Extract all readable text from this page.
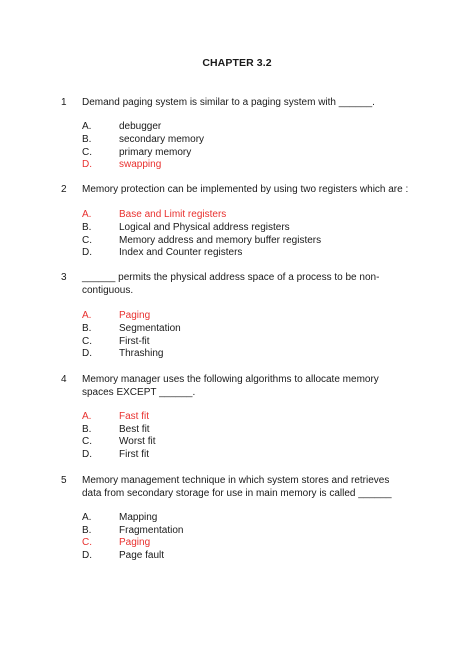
CHAPTER 3.2
1 Demand paging system is similar to a paging system with ______.
A.	debugger
B.	secondary memory
C.	primary memory
D.	swapping
2 Memory protection can be implemented by using two registers which are :
A.	Base and Limit registers
B.	Logical and Physical address registers
C.	Memory address and memory buffer registers
D.	Index and Counter registers
3 ______ permits the physical address space of a process to be non-contiguous.
A.	Paging
B.	Segmentation
C.	First-fit
D.	Thrashing
4 Memory manager uses the following algorithms to allocate memory spaces EXCEPT ______.
A.	Fast fit
B.	Best fit
C.	Worst fit
D.	First fit
5 Memory management technique in which system stores and retrieves data from secondary storage for use in main memory is called ______
A.	Mapping
B.	Fragmentation
C.	Paging
D.	Page fault
